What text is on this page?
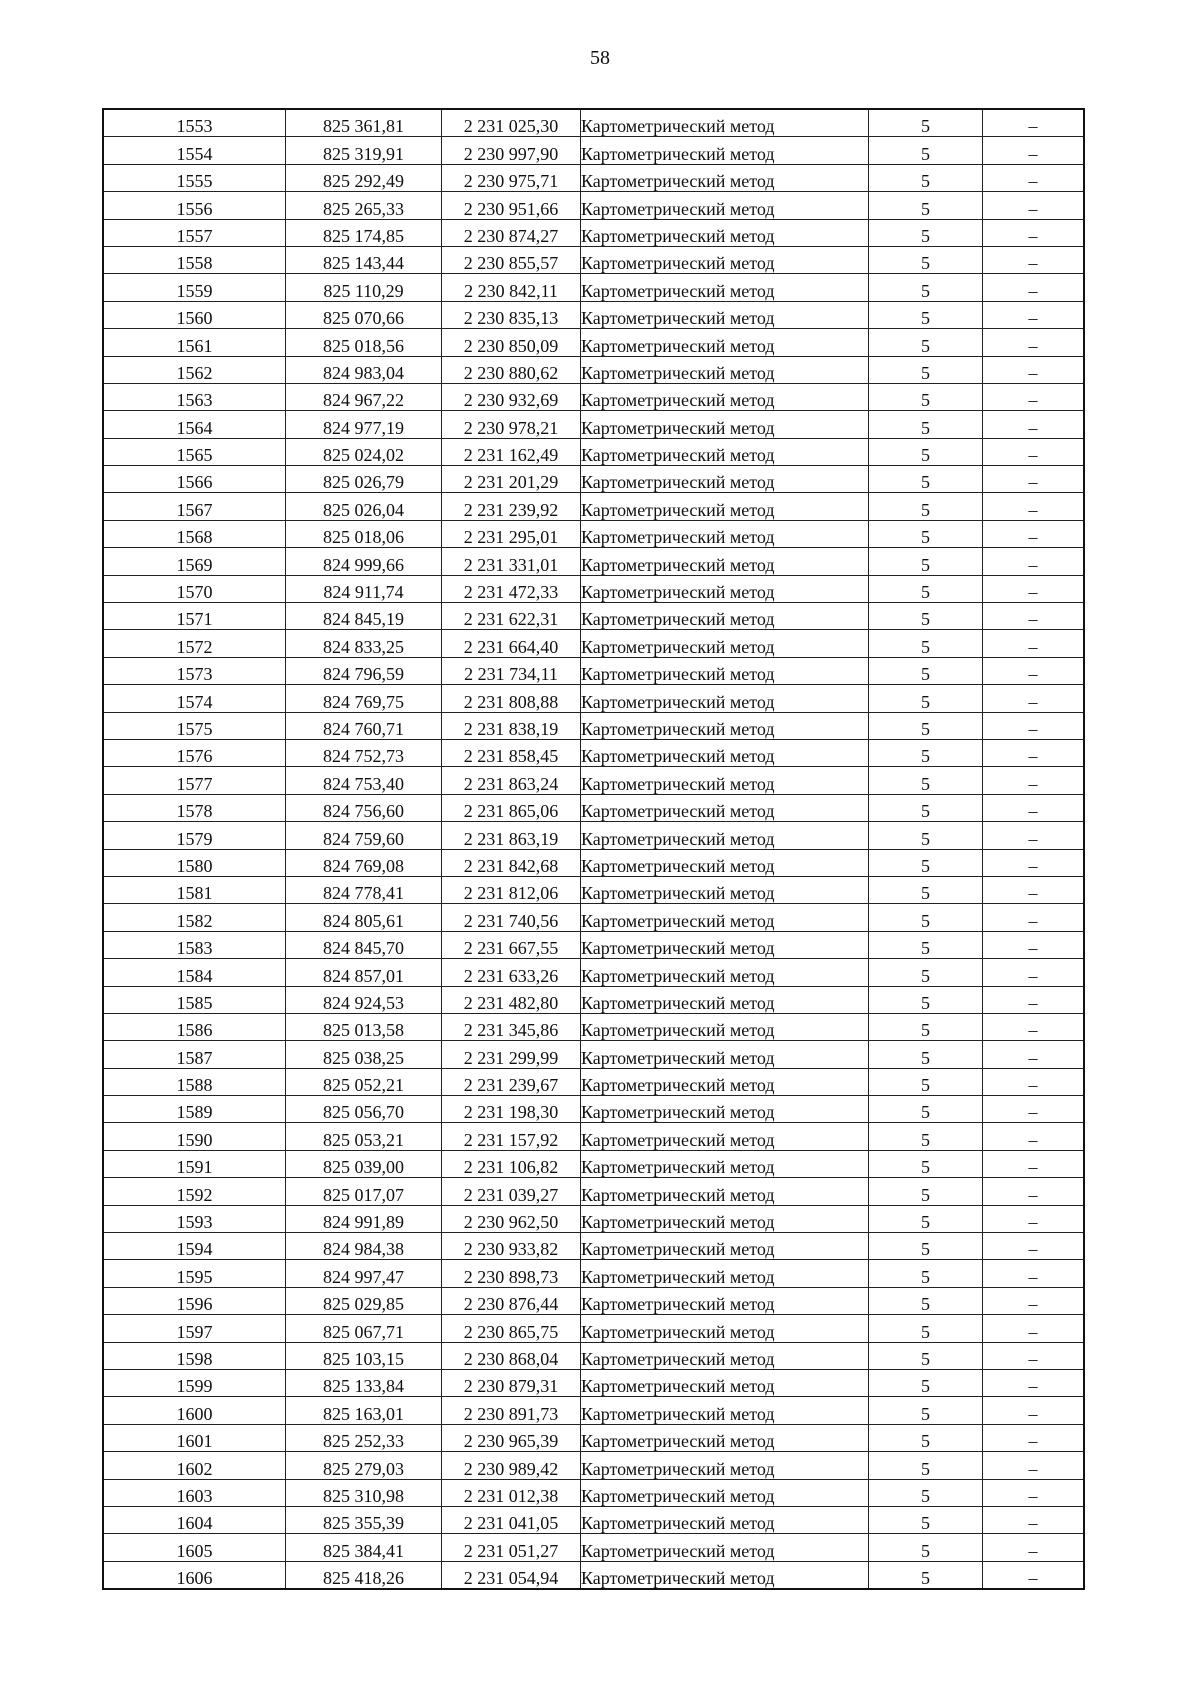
58
1553	825 361,81	2 231 025,30	Картометрический метод	5	–
1554	825 319,91	2 230 997,90	Картометрический метод	5	–
1555	825 292,49	2 230 975,71	Картометрический метод	5	–
1556	825 265,33	2 230 951,66	Картометрический метод	5	–
1557	825 174,85	2 230 874,27	Картометрический метод	5	–
1558	825 143,44	2 230 855,57	Картометрический метод	5	–
1559	825 110,29	2 230 842,11	Картометрический метод	5	–
1560	825 070,66	2 230 835,13	Картометрический метод	5	–
1561	825 018,56	2 230 850,09	Картометрический метод	5	–
1562	824 983,04	2 230 880,62	Картометрический метод	5	–
1563	824 967,22	2 230 932,69	Картометрический метод	5	–
1564	824 977,19	2 230 978,21	Картометрический метод	5	–
1565	825 024,02	2 231 162,49	Картометрический метод	5	–
1566	825 026,79	2 231 201,29	Картометрический метод	5	–
1567	825 026,04	2 231 239,92	Картометрический метод	5	–
1568	825 018,06	2 231 295,01	Картометрический метод	5	–
1569	824 999,66	2 231 331,01	Картометрический метод	5	–
1570	824 911,74	2 231 472,33	Картометрический метод	5	–
1571	824 845,19	2 231 622,31	Картометрический метод	5	–
1572	824 833,25	2 231 664,40	Картометрический метод	5	–
1573	824 796,59	2 231 734,11	Картометрический метод	5	–
1574	824 769,75	2 231 808,88	Картометрический метод	5	–
1575	824 760,71	2 231 838,19	Картометрический метод	5	–
1576	824 752,73	2 231 858,45	Картометрический метод	5	–
1577	824 753,40	2 231 863,24	Картометрический метод	5	–
1578	824 756,60	2 231 865,06	Картометрический метод	5	–
1579	824 759,60	2 231 863,19	Картометрический метод	5	–
1580	824 769,08	2 231 842,68	Картометрический метод	5	–
1581	824 778,41	2 231 812,06	Картометрический метод	5	–
1582	824 805,61	2 231 740,56	Картометрический метод	5	–
1583	824 845,70	2 231 667,55	Картометрический метод	5	–
1584	824 857,01	2 231 633,26	Картометрический метод	5	–
1585	824 924,53	2 231 482,80	Картометрический метод	5	–
1586	825 013,58	2 231 345,86	Картометрический метод	5	–
1587	825 038,25	2 231 299,99	Картометрический метод	5	–
1588	825 052,21	2 231 239,67	Картометрический метод	5	–
1589	825 056,70	2 231 198,30	Картометрический метод	5	–
1590	825 053,21	2 231 157,92	Картометрический метод	5	–
1591	825 039,00	2 231 106,82	Картометрический метод	5	–
1592	825 017,07	2 231 039,27	Картометрический метод	5	–
1593	824 991,89	2 230 962,50	Картометрический метод	5	–
1594	824 984,38	2 230 933,82	Картометрический метод	5	–
1595	824 997,47	2 230 898,73	Картометрический метод	5	–
1596	825 029,85	2 230 876,44	Картометрический метод	5	–
1597	825 067,71	2 230 865,75	Картометрический метод	5	–
1598	825 103,15	2 230 868,04	Картометрический метод	5	–
1599	825 133,84	2 230 879,31	Картометрический метод	5	–
1600	825 163,01	2 230 891,73	Картометрический метод	5	–
1601	825 252,33	2 230 965,39	Картометрический метод	5	–
1602	825 279,03	2 230 989,42	Картометрический метод	5	–
1603	825 310,98	2 231 012,38	Картометрический метод	5	–
1604	825 355,39	2 231 041,05	Картометрический метод	5	–
1605	825 384,41	2 231 051,27	Картометрический метод	5	–
1606	825 418,26	2 231 054,94	Картометрический метод	5	–
